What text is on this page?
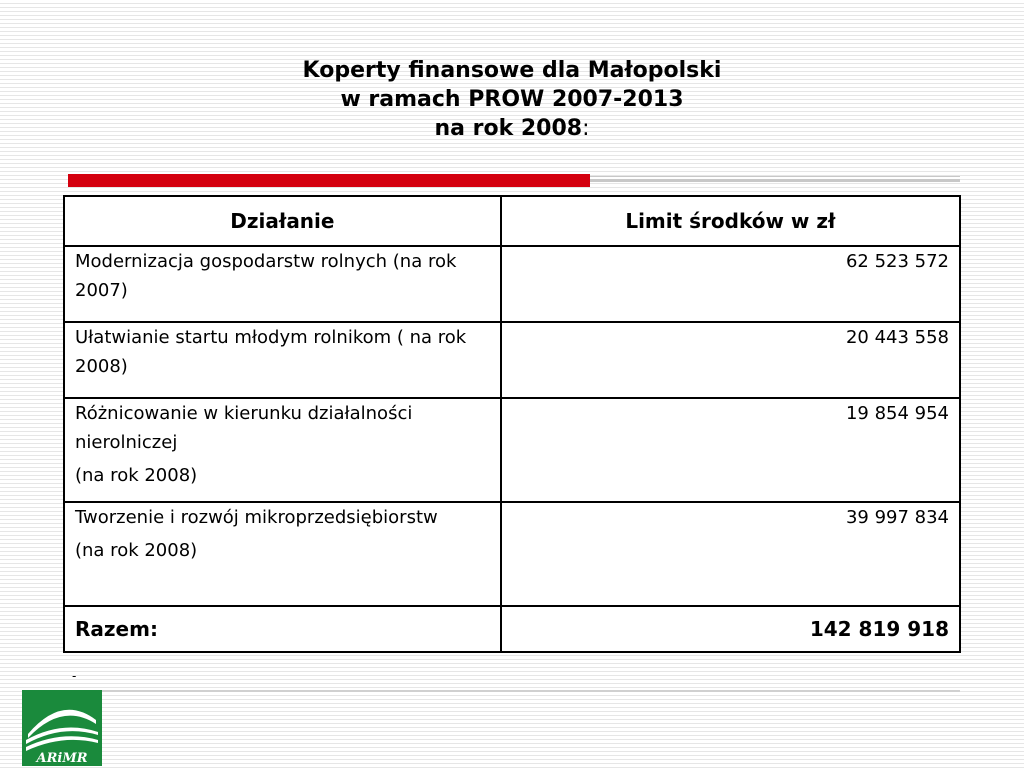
Koperty finansowe dla Małopolski
w ramach PROW 2007-2013
na rok 2008:
Działanie	Limit środków w zł
Modernizacja gospodarstw rolnych (na rok 2007)	62 523 572
Ułatwianie startu młodym rolnikom ( na rok 2008)	20 443 558
Różnicowanie w kierunku działalności nierolniczej
(na rok 2008)	19 854 954
Tworzenie i rozwój mikroprzedsiębiorstw
(na rok 2008)	39 997 834
Razem:	142 819 918
-
ARiMR
